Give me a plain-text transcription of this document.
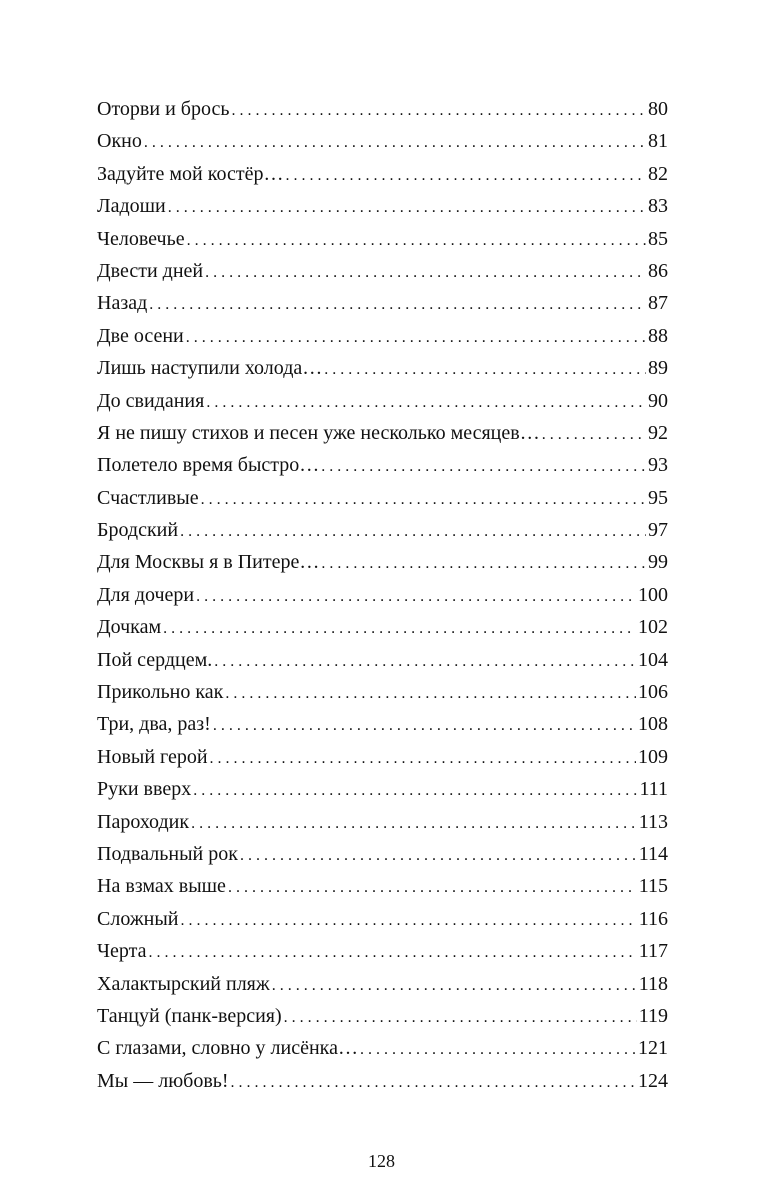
Оторви и брось . . .	80
Окно . . .	81
Задуйте мой костёр… . . .	82
Ладоши . . .	83
Человечье . . .	85
Двести дней . . .	86
Назад . . .	87
Две осени . . .	88
Лишь наступили холода… . . .	89
До свидания . . .	90
Я не пишу стихов и песен уже несколько месяцев… . . .	92
Полетело время быстро… . . .	93
Счастливые . . .	95
Бродский . . .	97
Для Москвы я в Питере… . . .	99
Для дочери . . .	100
Дочкам . . .	102
Пой сердцем. . . .	104
Прикольно как . . .	106
Три, два, раз! . . .	108
Новый герой . . .	109
Руки вверх . . .	111
Пароходик . . .	113
Подвальный рок . . .	114
На взмах выше . . .	115
Сложный . . .	116
Черта . . .	117
Халактырский пляж . . .	118
Танцуй (панк-версия) . . .	119
С глазами, словно у лисёнка… . . .	121
Мы — любовь! . . .	124
128
